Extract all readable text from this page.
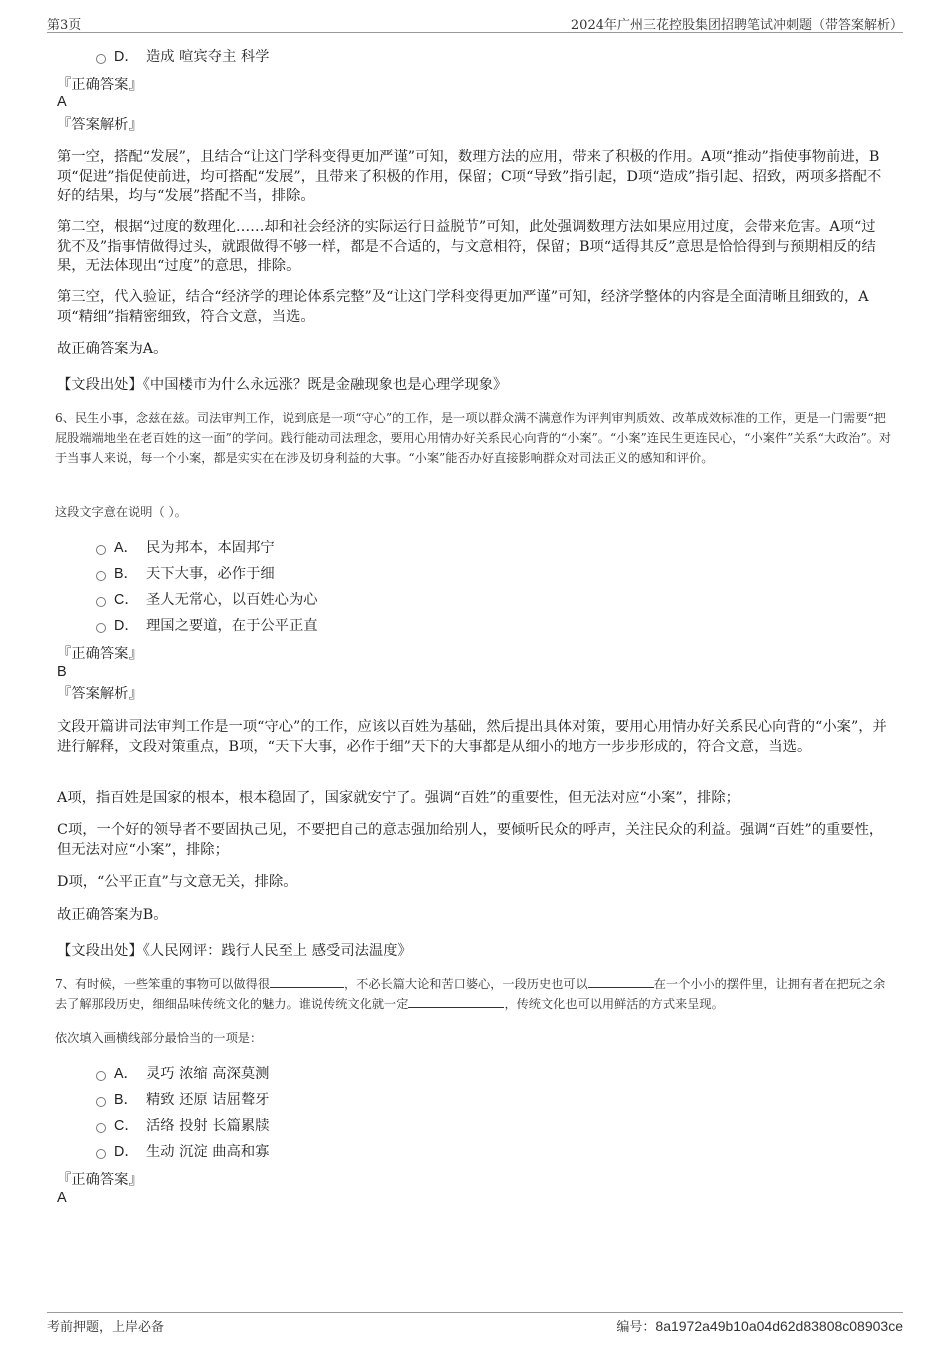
第3页	2024年广州三花控股集团招聘笔试冲刺题（带答案解析）
D． 造成 喧宾夺主 科学

『正确答案』

A

『答案解析』

第一空，搭配“发展”，且结合“让这门学科变得更加严谨”可知，数理方法的应用，带来了积极的作用。A项“推动”指使事物前进，B项“促进”指促使前进，均可搭配“发展”，且带来了积极的作用，保留；C项“导致”指引起，D项“造成”指引起、招致，两项多搭配不好的结果，均与“发展”搭配不当，排除。

第二空，根据“过度的数理化……却和社会经济的实际运行日益脱节”可知，此处强调数理方法如果应用过度，会带来危害。A项“过犹不及”指事情做得过头，就跟做得不够一样，都是不合适的，与文意相符，保留；B项“适得其反”意思是恰恰得到与预期相反的结果，无法体现出“过度”的意思，排除。

第三空，代入验证，结合“经济学的理论体系完整”及“让这门学科变得更加严谨”可知，经济学整体的内容是全面清晰且细致的，A项“精细”指精密细致，符合文意，当选。

故正确答案为A。

【文段出处】《中国楼市为什么永远涨？既是金融现象也是心理学现象》

6、民生小事，念兹在兹。司法审判工作，说到底是一项“守心”的工作，是一项以群众满不满意作为评判审判质效、改革成效标准的工作，更是一门需要“把屁股端端地坐在老百姓的这一面”的学问。践行能动司法理念，要用心用情办好关系民心向背的“小案”。“小案”连民生更连民心，“小案件”关系“大政治”。对于当事人来说，每一个小案，都是实实在在涉及切身利益的大事。“小案”能否办好直接影响群众对司法正义的感知和评价。

这段文字意在说明（ ）。

A． 民为邦本，本固邦宁
B． 天下大事，必作于细
C． 圣人无常心，以百姓心为心
D． 理国之要道，在于公平正直

『正确答案』

B

『答案解析』

文段开篇讲司法审判工作是一项“守心”的工作，应该以百姓为基础，然后提出具体对策，要用心用情办好关系民心向背的“小案”，并进行解释，文段对策重点，B项，“天下大事，必作于细”天下的大事都是从细小的地方一步步形成的，符合文意，当选。

A项，指百姓是国家的根本，根本稳固了，国家就安宁了。强调“百姓”的重要性，但无法对应“小案”，排除；

C项，一个好的领导者不要固执己见，不要把自己的意志强加给别人，要倾听民众的呼声，关注民众的利益。强调“百姓”的重要性，但无法对应“小案”，排除；

D项，“公平正直”与文意无关，排除。

故正确答案为B。

【文段出处】《人民网评：践行人民至上 感受司法温度》

7、有时候，一些笨重的事物可以做得很	，不必长篇大论和苦口婆心，一段历史也可以	在一个小小的摆件里，让拥有者在把玩之余去了解那段历史，细细品味传统文化的魅力。谁说传统文化就一定	，传统文化也可以用鲜活的方式来呈现。

依次填入画横线部分最恰当的一项是：

A． 灵巧 浓缩 高深莫测
B． 精致 还原 诘屈聱牙
C． 活络 投射 长篇累牍
D． 生动 沉淀 曲高和寡

『正确答案』

A

考前押题，上岸必备	编号：8a1972a49b10a04d62d83808c08903ce
